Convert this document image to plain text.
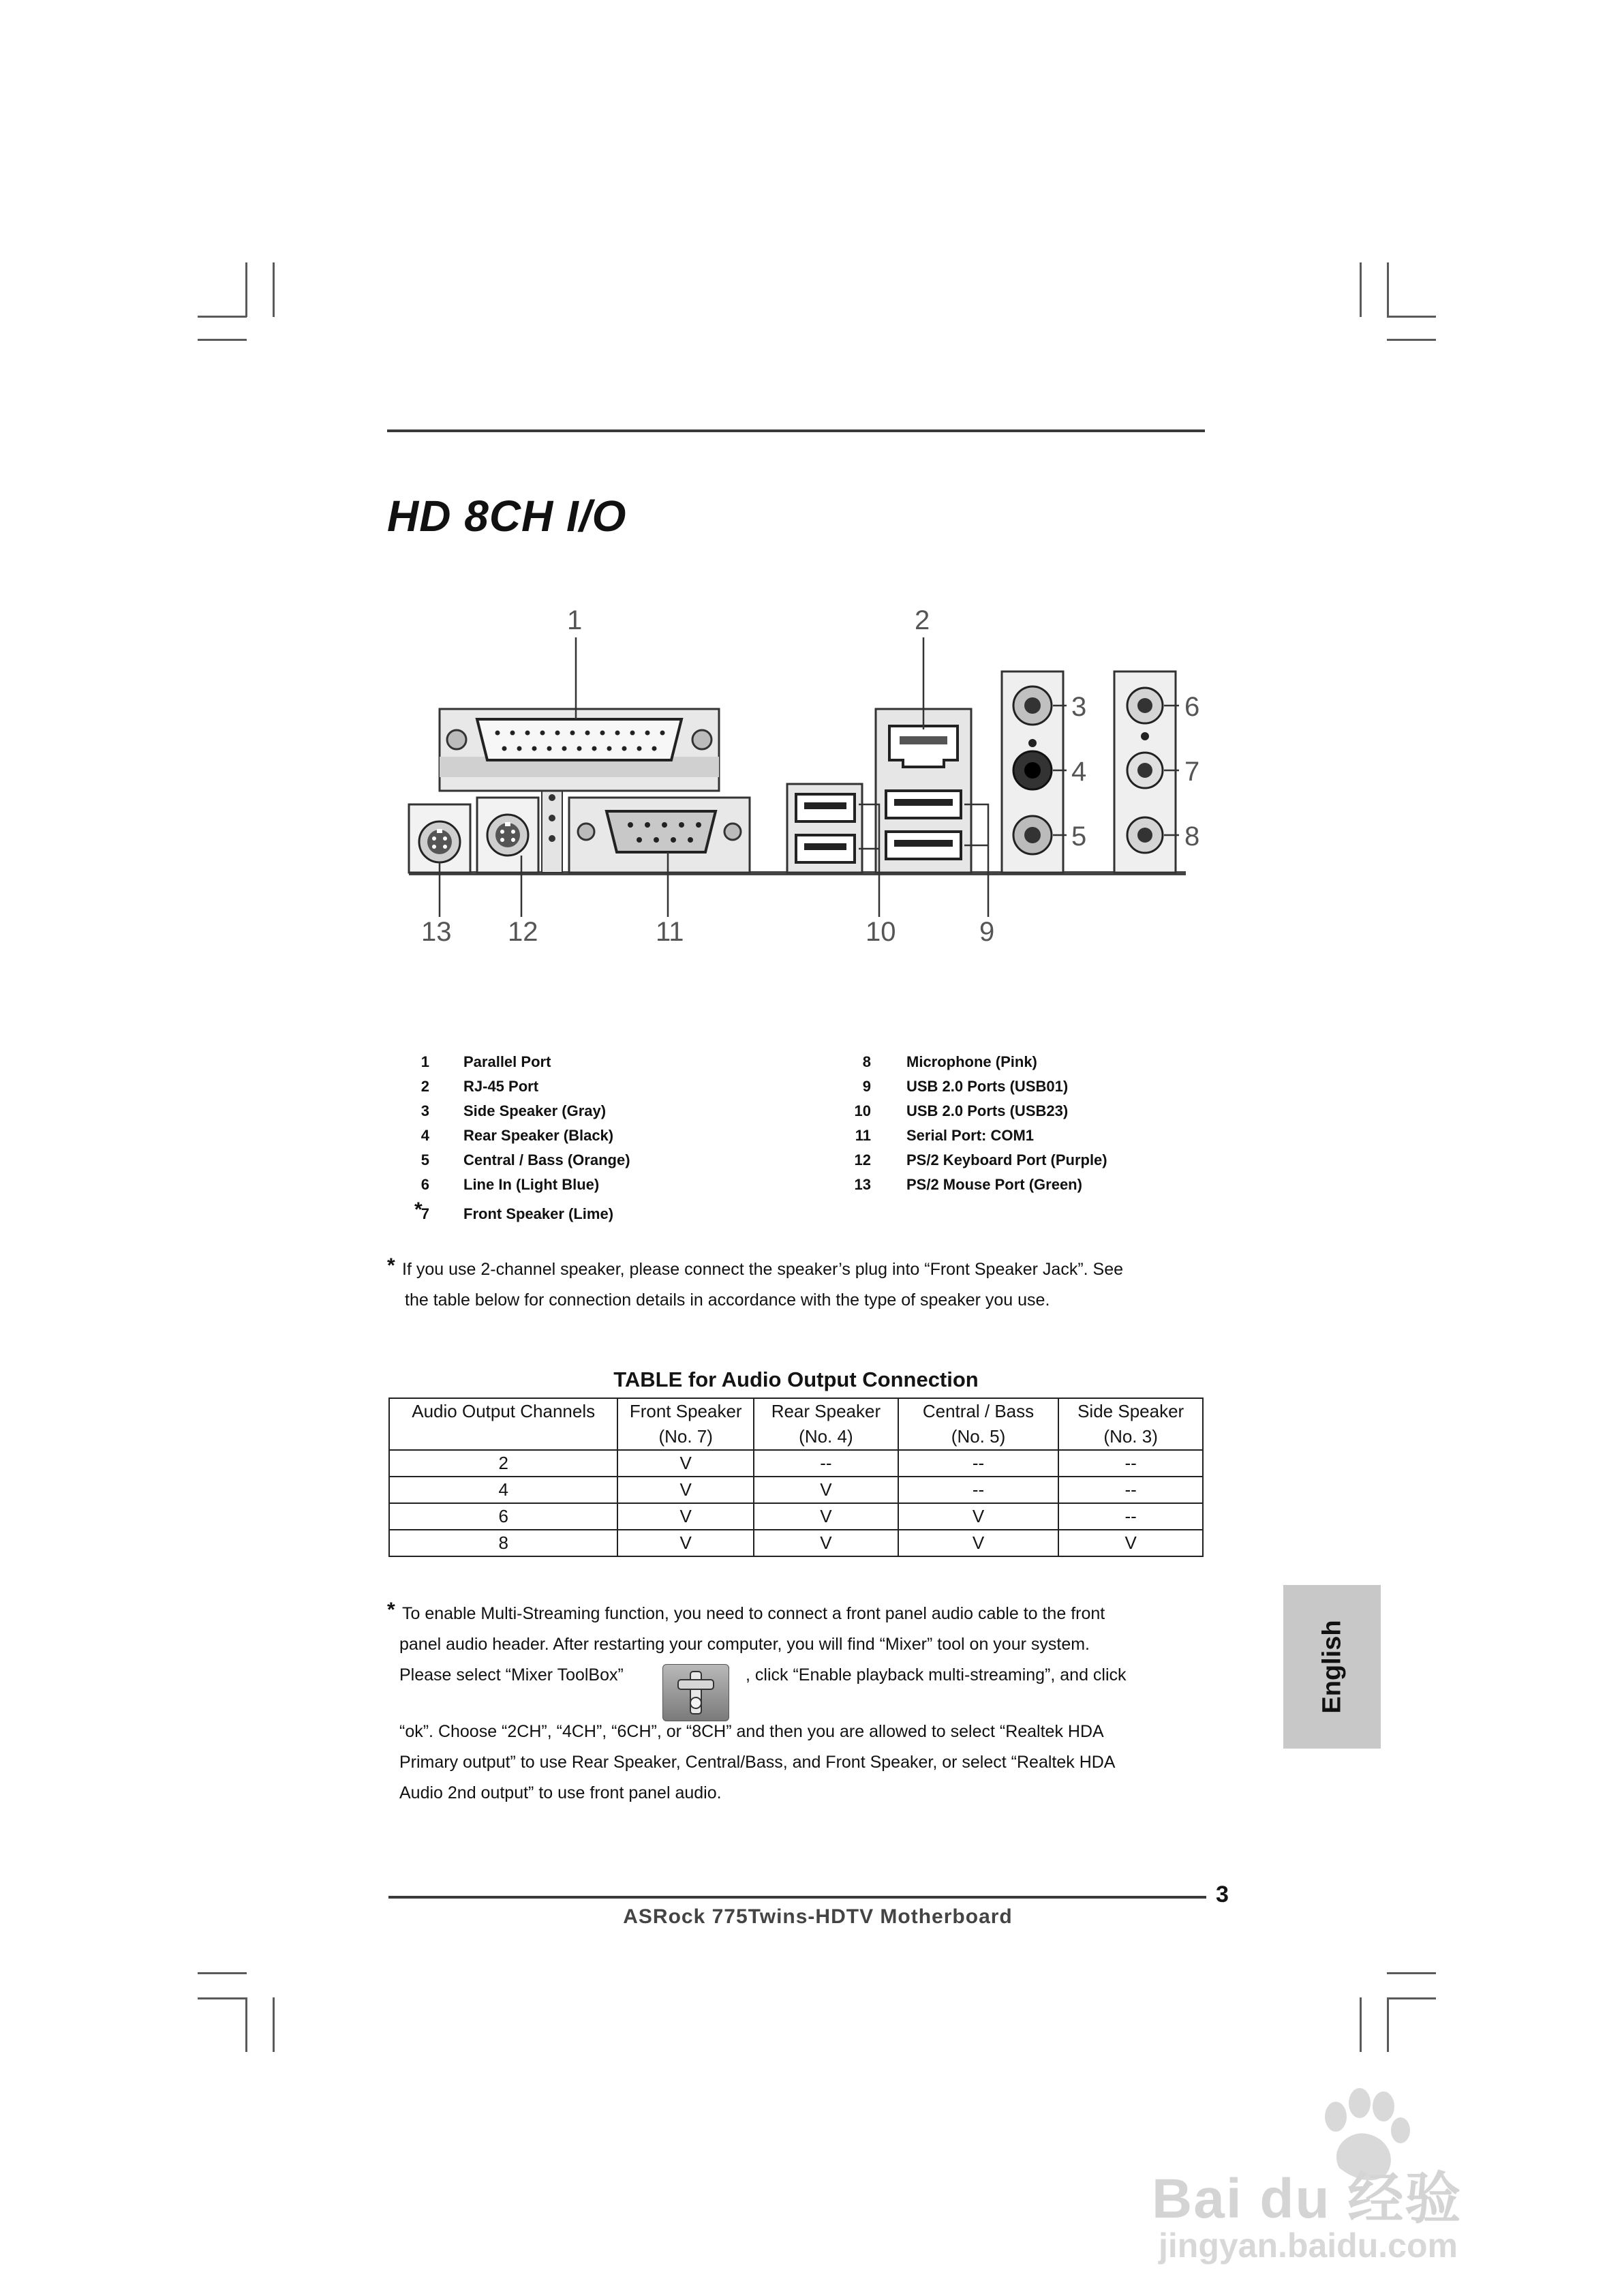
HD 8CH I/O
1	2
3
4
5
6
7
8
9
10
11
12
13
1 Parallel Port
2 RJ-45 Port
3 Side Speaker (Gray)
4 Rear Speaker (Black)
5 Central / Bass (Orange)
6 Line In (Light Blue)
*
7 Front Speaker (Lime)
8 Microphone (Pink)
9 USB 2.0 Ports (USB01)
10 USB 2.0 Ports (USB23)
11 Serial Port: COM1
12 PS/2 Keyboard Port (Purple)
13 PS/2 Mouse Port (Green)
* If you use 2-channel speaker, please connect the speaker’s plug into “Front Speaker Jack”. See
the table below for connection details in accordance with the type of speaker you use.
TABLE for Audio Output Connection
Audio Output Channels	Front Speaker	Rear Speaker	Central / Bass	Side Speaker
	(No. 7)	(No. 4)	(No. 5)	(No. 3)
2	V	--	--	--
4	V	V	--	--
6	V	V	V	--
8	V	V	V	V
* To enable Multi-Streaming function, you need to connect a front panel audio cable to the front
panel audio header. After restarting your computer, you will find “Mixer” tool on your system.
Please select “Mixer ToolBox”	, click “Enable playback multi-streaming”, and click
“ok”. Choose “2CH”, “4CH”, “6CH”, or “8CH” and then you are allowed to select “Realtek HDA
Primary output” to use Rear Speaker, Central/Bass, and Front Speaker, or select “Realtek HDA
Audio 2nd output” to use front panel audio.
English
3
ASRock 775Twins-HDTV Motherboard
Bai du 经验
jingyan.baidu.com
